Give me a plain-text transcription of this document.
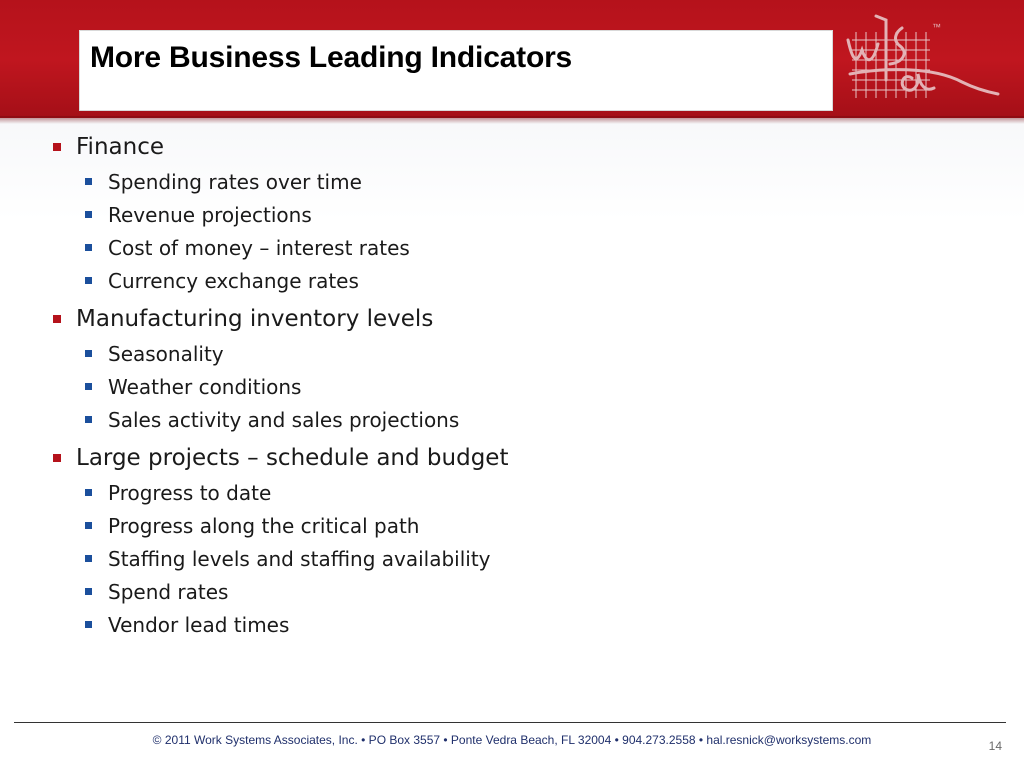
More Business Leading Indicators
™
Finance
Spending rates over time
Revenue projections
Cost of money – interest rates
Currency exchange rates
Manufacturing inventory levels
Seasonality
Weather conditions
Sales activity and sales projections
Large projects – schedule and budget
Progress to date
Progress along the critical path
Staffing levels and staffing availability
Spend rates
Vendor lead times
© 2011 Work Systems Associates, Inc. • PO Box 3557 • Ponte Vedra Beach, FL 32004 • 904.273.2558 • hal.resnick@worksystems.com	14
